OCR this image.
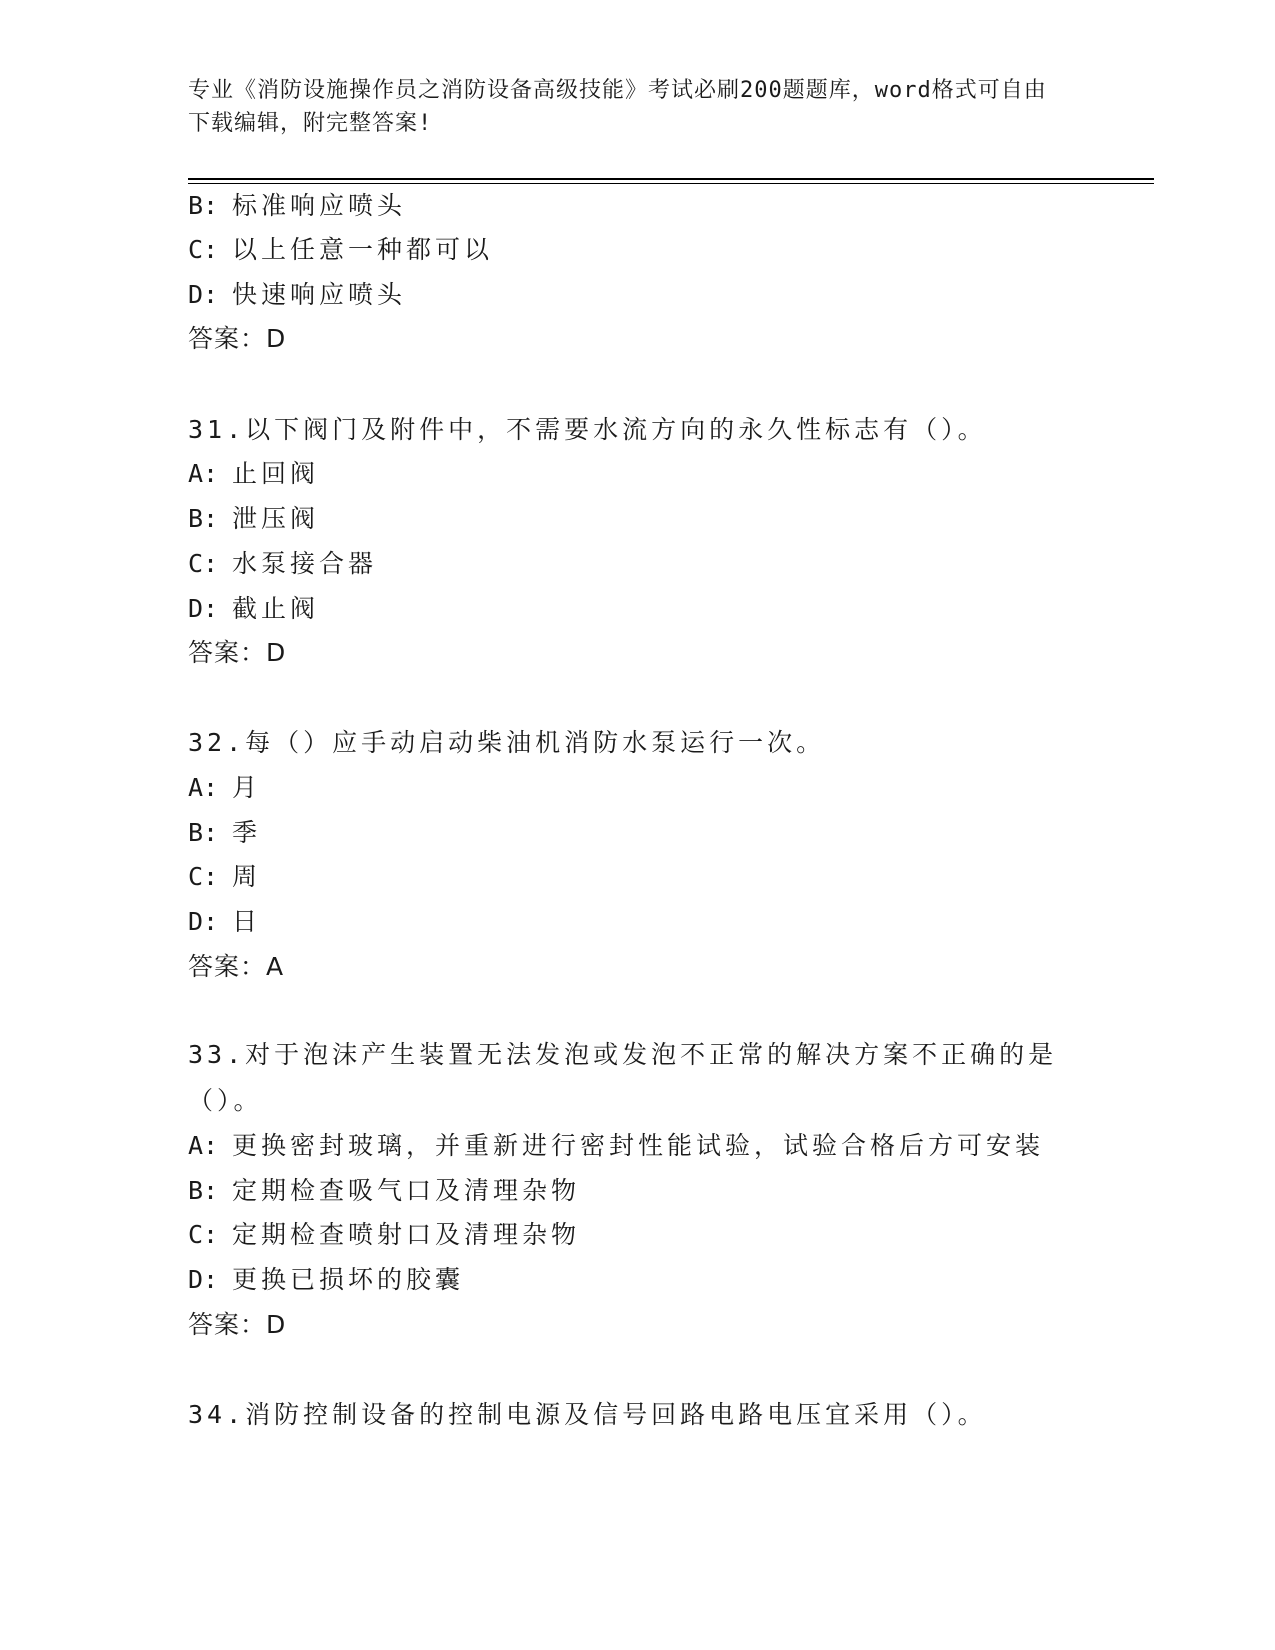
专业《消防设施操作员之消防设备高级技能》考试必刷200题题库，word格式可自由下载编辑，附完整答案!

B: 标准响应喷头

C: 以上任意一种都可以

D: 快速响应喷头

答案：D

31.以下阀门及附件中，不需要水流方向的永久性标志有（）。

A: 止回阀

B: 泄压阀

C: 水泵接合器

D: 截止阀

答案：D

32.每（）应手动启动柴油机消防水泵运行一次。

A: 月

B: 季

C: 周

D: 日

答案：A

33.对于泡沫产生装置无法发泡或发泡不正常的解决方案不正确的是（）。

A: 更换密封玻璃，并重新进行密封性能试验，试验合格后方可安装

B: 定期检查吸气口及清理杂物

C: 定期检查喷射口及清理杂物

D: 更换已损坏的胶囊

答案：D

34.消防控制设备的控制电源及信号回路电路电压宜采用（）。
